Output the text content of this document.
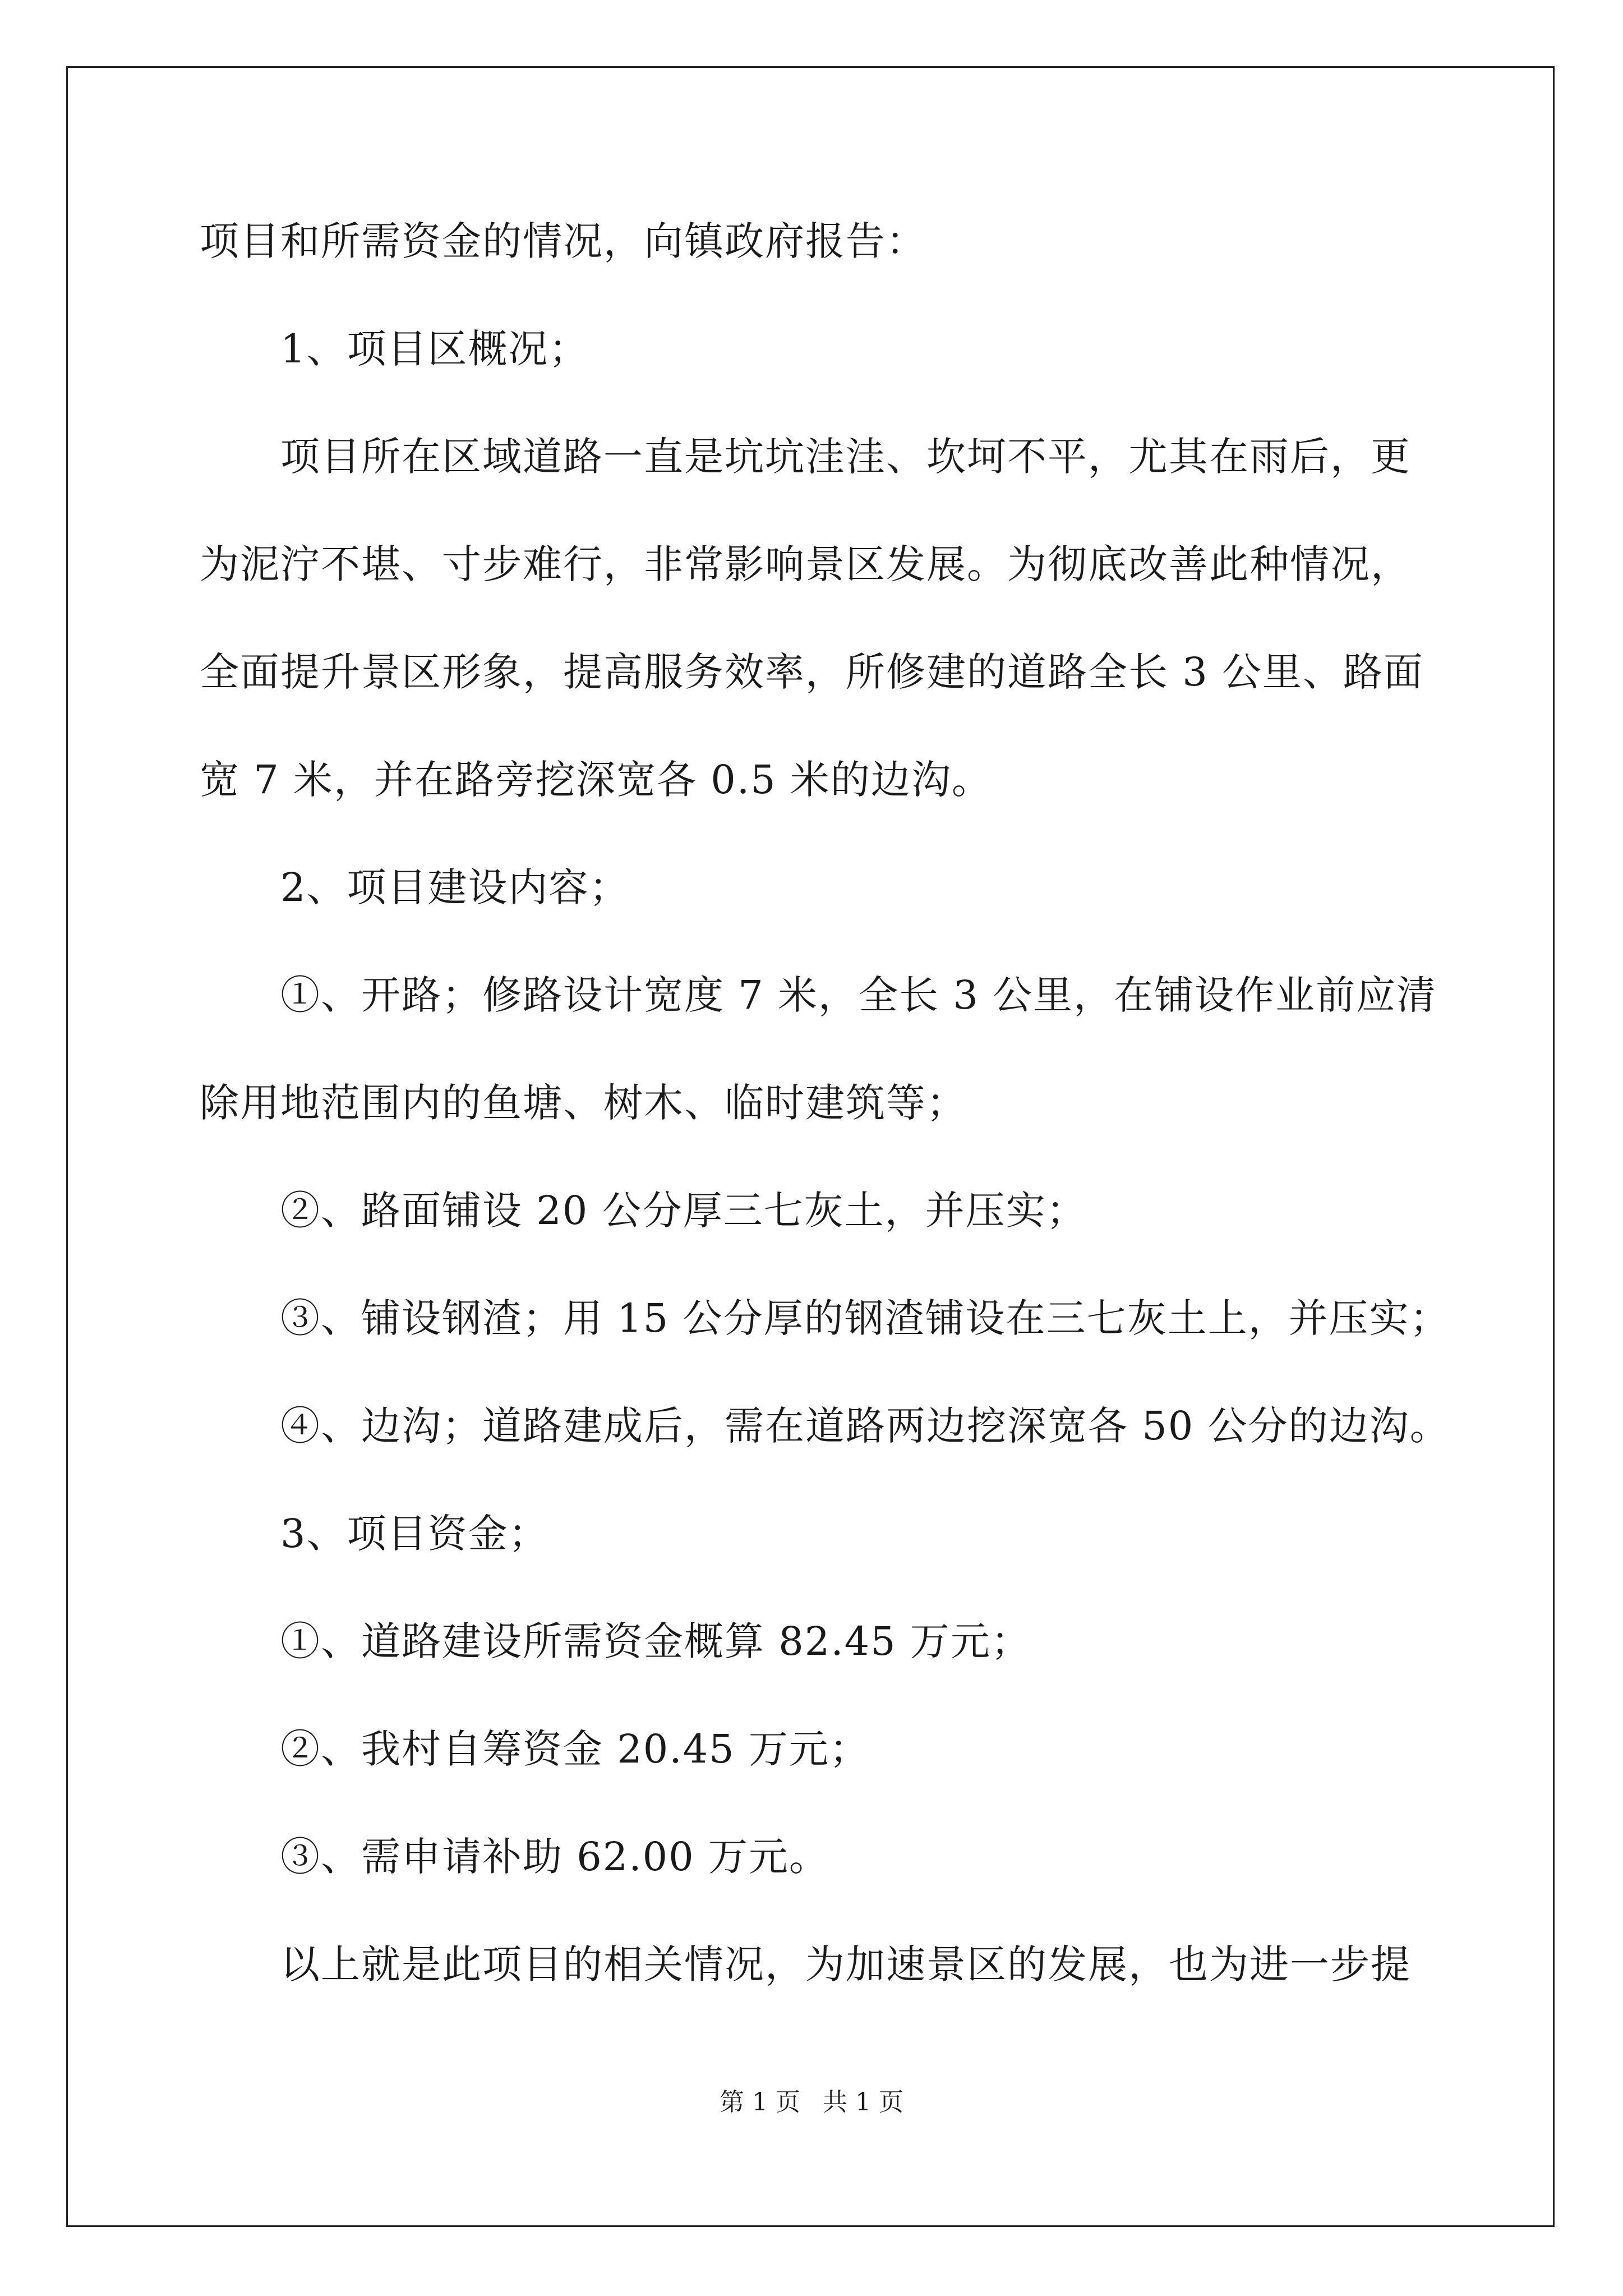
项目和所需资金的情况，向镇政府报告：
1、项目区概况；
项目所在区域道路一直是坑坑洼洼、坎坷不平，尤其在雨后，更
为泥泞不堪、寸步难行，非常影响景区发展。为彻底改善此种情况，
全面提升景区形象，提高服务效率，所修建的道路全长 3 公里、路面
宽 7 米，并在路旁挖深宽各 0.5 米的边沟。
2、项目建设内容；
①、开路；修路设计宽度 7 米，全长 3 公里，在铺设作业前应清
除用地范围内的鱼塘、树木、临时建筑等；
②、路面铺设 20 公分厚三七灰土，并压实；
③、铺设钢渣；用 15 公分厚的钢渣铺设在三七灰土上，并压实；
④、边沟；道路建成后，需在道路两边挖深宽各 50 公分的边沟。
3、项目资金；
①、道路建设所需资金概算 82.45 万元；
②、我村自筹资金 20.45 万元；
③、需申请补助 62.00 万元。
以上就是此项目的相关情况，为加速景区的发展，也为进一步提
第 1 页 共 1 页
